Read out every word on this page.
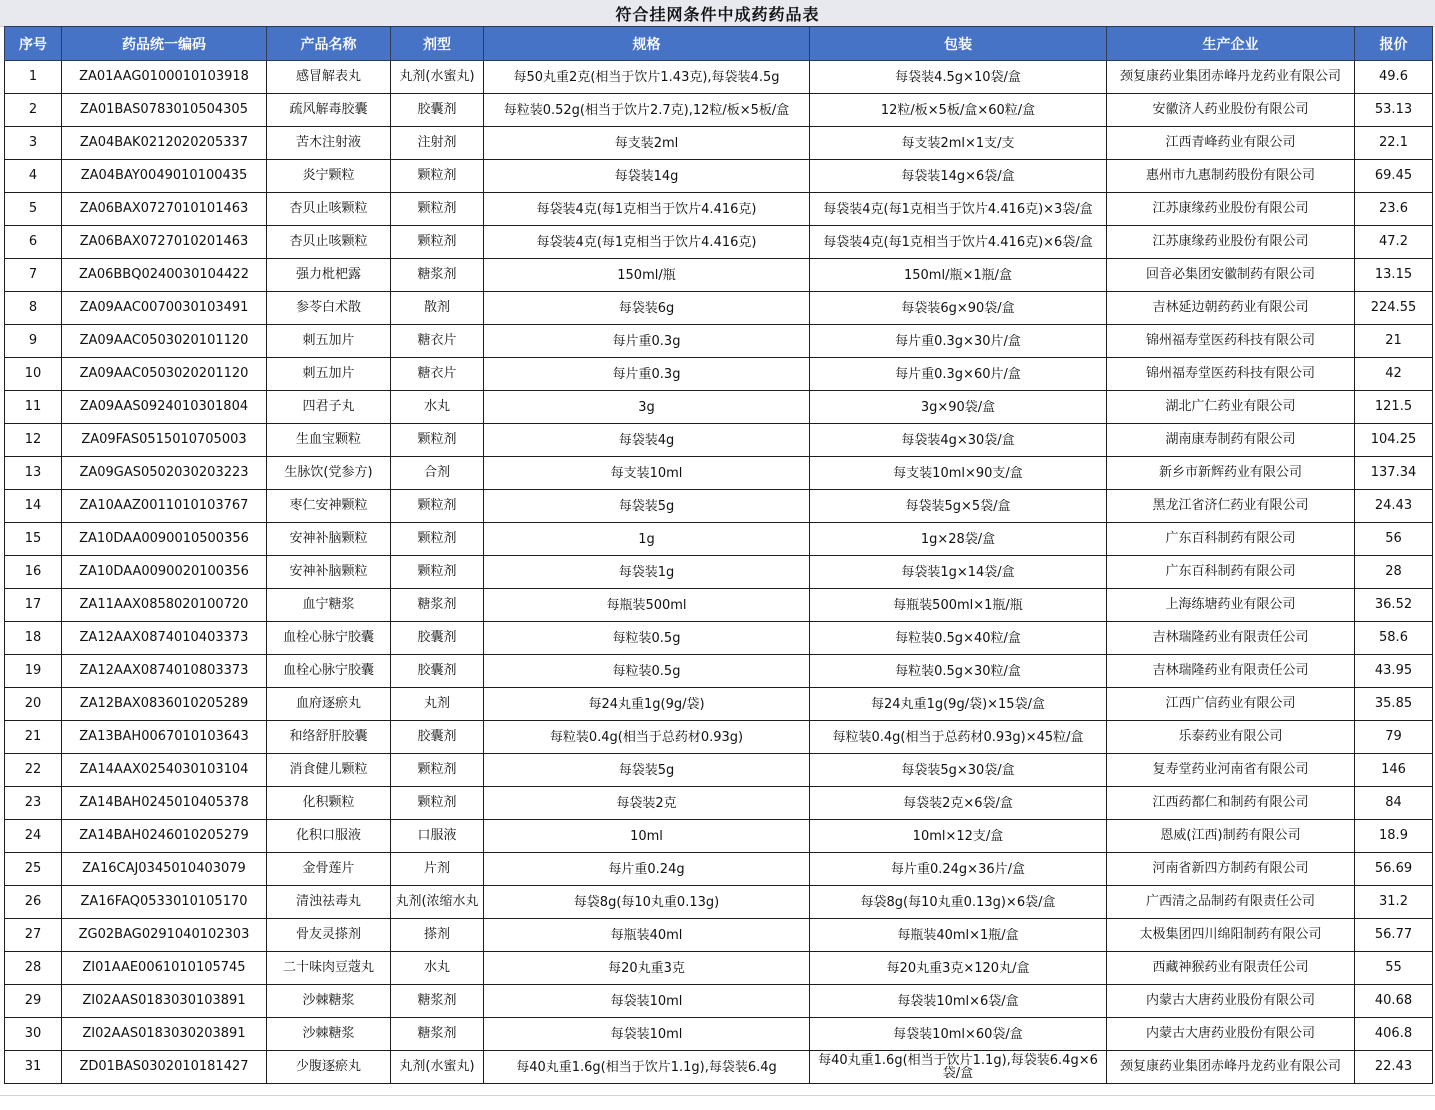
符合挂网条件中成药药品表
序号	药品统一编码	产品名称	剂型	规格	包装	生产企业	报价
1	ZA01AAG0100010103918	感冒解表丸	丸剂(水蜜丸)	每50丸重2克(相当于饮片1.43克),每袋装4.5g	每袋装4.5g×10袋/盒	颈复康药业集团赤峰丹龙药业有限公司	49.6
2	ZA01BAS0783010504305	疏风解毒胶囊	胶囊剂	每粒装0.52g(相当于饮片2.7克),12粒/板×5板/盒	12粒/板×5板/盒×60粒/盒	安徽济人药业股份有限公司	53.13
3	ZA04BAK0212020205337	苦木注射液	注射剂	每支装2ml	每支装2ml×1支/支	江西青峰药业有限公司	22.1
4	ZA04BAY0049010100435	炎宁颗粒	颗粒剂	每袋装14g	每袋装14g×6袋/盒	惠州市九惠制药股份有限公司	69.45
5	ZA06BAX0727010101463	杏贝止咳颗粒	颗粒剂	每袋装4克(每1克相当于饮片4.416克)	每袋装4克(每1克相当于饮片4.416克)×3袋/盒	江苏康缘药业股份有限公司	23.6
6	ZA06BAX0727010201463	杏贝止咳颗粒	颗粒剂	每袋装4克(每1克相当于饮片4.416克)	每袋装4克(每1克相当于饮片4.416克)×6袋/盒	江苏康缘药业股份有限公司	47.2
7	ZA06BBQ0240030104422	强力枇杷露	糖浆剂	150ml/瓶	150ml/瓶×1瓶/盒	回音必集团安徽制药有限公司	13.15
8	ZA09AAC0070030103491	参苓白术散	散剂	每袋装6g	每袋装6g×90袋/盒	吉林延边朝药药业有限公司	224.55
9	ZA09AAC0503020101120	刺五加片	糖衣片	每片重0.3g	每片重0.3g×30片/盒	锦州福寿堂医药科技有限公司	21
10	ZA09AAC0503020201120	刺五加片	糖衣片	每片重0.3g	每片重0.3g×60片/盒	锦州福寿堂医药科技有限公司	42
11	ZA09AAS0924010301804	四君子丸	水丸	3g	3g×90袋/盒	湖北广仁药业有限公司	121.5
12	ZA09FAS0515010705003	生血宝颗粒	颗粒剂	每袋装4g	每袋装4g×30袋/盒	湖南康寿制药有限公司	104.25
13	ZA09GAS0502030203223	生脉饮(党参方)	合剂	每支装10ml	每支装10ml×90支/盒	新乡市新辉药业有限公司	137.34
14	ZA10AAZ0011010103767	枣仁安神颗粒	颗粒剂	每袋装5g	每袋装5g×5袋/盒	黑龙江省济仁药业有限公司	24.43
15	ZA10DAA0090010500356	安神补脑颗粒	颗粒剂	1g	1g×28袋/盒	广东百科制药有限公司	56
16	ZA10DAA0090020100356	安神补脑颗粒	颗粒剂	每袋装1g	每袋装1g×14袋/盒	广东百科制药有限公司	28
17	ZA11AAX0858020100720	血宁糖浆	糖浆剂	每瓶装500ml	每瓶装500ml×1瓶/瓶	上海练塘药业有限公司	36.52
18	ZA12AAX0874010403373	血栓心脉宁胶囊	胶囊剂	每粒装0.5g	每粒装0.5g×40粒/盒	吉林瑞隆药业有限责任公司	58.6
19	ZA12AAX0874010803373	血栓心脉宁胶囊	胶囊剂	每粒装0.5g	每粒装0.5g×30粒/盒	吉林瑞隆药业有限责任公司	43.95
20	ZA12BAX0836010205289	血府逐瘀丸	丸剂	每24丸重1g(9g/袋)	每24丸重1g(9g/袋)×15袋/盒	江西广信药业有限公司	35.85
21	ZA13BAH0067010103643	和络舒肝胶囊	胶囊剂	每粒装0.4g(相当于总药材0.93g)	每粒装0.4g(相当于总药材0.93g)×45粒/盒	乐泰药业有限公司	79
22	ZA14AAX0254030103104	消食健儿颗粒	颗粒剂	每袋装5g	每袋装5g×30袋/盒	复寿堂药业河南省有限公司	146
23	ZA14BAH0245010405378	化积颗粒	颗粒剂	每袋装2克	每袋装2克×6袋/盒	江西药都仁和制药有限公司	84
24	ZA14BAH0246010205279	化积口服液	口服液	10ml	10ml×12支/盒	恩威(江西)制药有限公司	18.9
25	ZA16CAJ0345010403079	金骨莲片	片剂	每片重0.24g	每片重0.24g×36片/盒	河南省新四方制药有限公司	56.69
26	ZA16FAQ0533010105170	清浊祛毒丸	丸剂(浓缩水丸	每袋8g(每10丸重0.13g)	每袋8g(每10丸重0.13g)×6袋/盒	广西清之品制药有限责任公司	31.2
27	ZG02BAG0291040102303	骨友灵搽剂	搽剂	每瓶装40ml	每瓶装40ml×1瓶/盒	太极集团四川绵阳制药有限公司	56.77
28	ZI01AAE0061010105745	二十味肉豆蔻丸	水丸	每20丸重3克	每20丸重3克×120丸/盒	西藏神猴药业有限责任公司	55
29	ZI02AAS0183030103891	沙棘糖浆	糖浆剂	每袋装10ml	每袋装10ml×6袋/盒	内蒙古大唐药业股份有限公司	40.68
30	ZI02AAS0183030203891	沙棘糖浆	糖浆剂	每袋装10ml	每袋装10ml×60袋/盒	内蒙古大唐药业股份有限公司	406.8
31	ZD01BAS0302010181427	少腹逐瘀丸	丸剂(水蜜丸)	每40丸重1.6g(相当于饮片1.1g),每袋装6.4g	每40丸重1.6g(相当于饮片1.1g),每袋装6.4g×6袋/盒	颈复康药业集团赤峰丹龙药业有限公司	22.43
